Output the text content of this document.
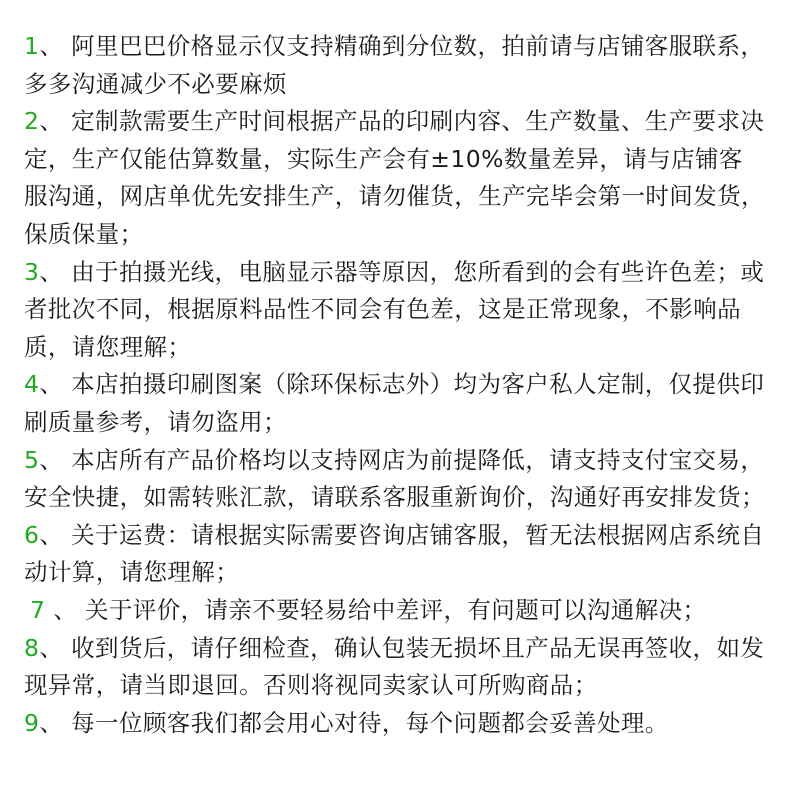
1、 阿里巴巴价格显示仅支持精确到分位数，拍前请与店铺客服联系，多多沟通减少不必要麻烦

2、 定制款需要生产时间根据产品的印刷内容、生产数量、生产要求决定，生产仅能估算数量，实际生产会有±10%数量差异，请与店铺客服沟通，网店单优先安排生产，请勿催货，生产完毕会第一时间发货，保质保量；

3、 由于拍摄光线，电脑显示器等原因，您所看到的会有些许色差；或者批次不同，根据原料品性不同会有色差，这是正常现象，不影响品质，请您理解；

4、 本店拍摄印刷图案（除环保标志外）均为客户私人定制，仅提供印刷质量参考，请勿盗用；

5、 本店所有产品价格均以支持网店为前提降低，请支持支付宝交易，安全快捷，如需转账汇款，请联系客服重新询价，沟通好再安排发货；

6、 关于运费：请根据实际需要咨询店铺客服，暂无法根据网店系统自动计算，请您理解；

7 、 关于评价，请亲不要轻易给中差评，有问题可以沟通解决；

8、 收到货后，请仔细检查，确认包装无损坏且产品无误再签收，如发现异常，请当即退回。否则将视同卖家认可所购商品；

9、 每一位顾客我们都会用心对待，每个问题都会妥善处理。
